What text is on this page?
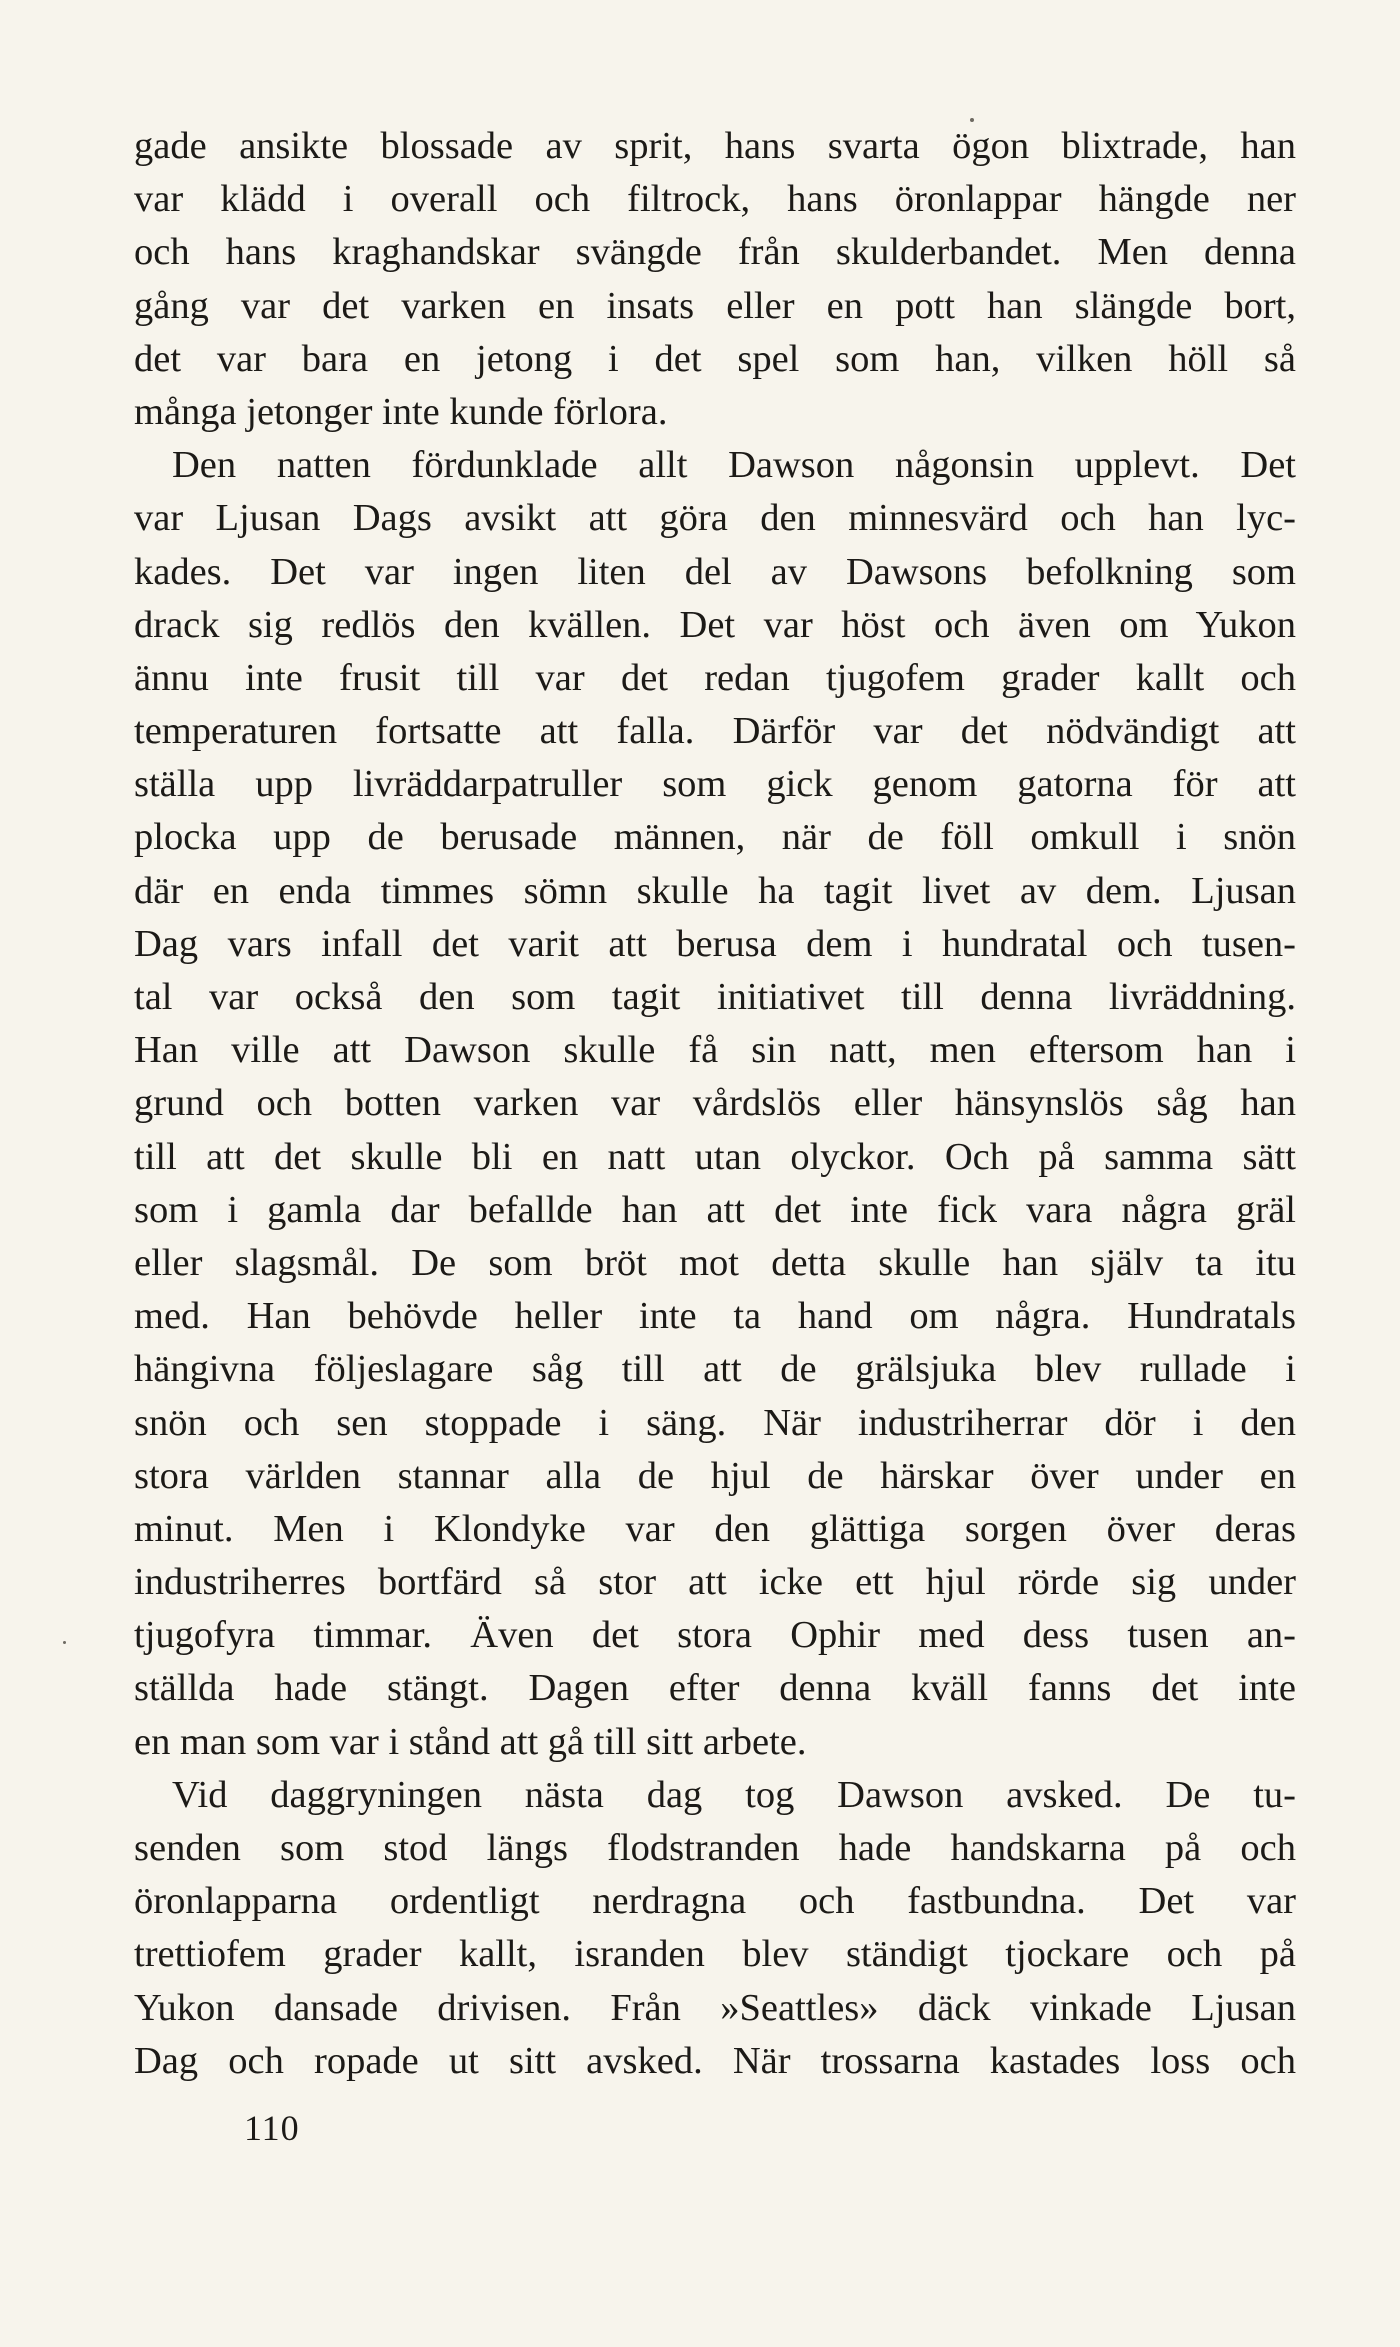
gade ansikte blossade av sprit, hans svarta ögon blixtrade, han
var klädd i overall och filtrock, hans öronlappar hängde ner
och hans kraghandskar svängde från skulderbandet. Men denna
gång var det varken en insats eller en pott han slängde bort,
det var bara en jetong i det spel som han, vilken höll så
många jetonger inte kunde förlora.
Den natten fördunklade allt Dawson någonsin upplevt. Det
var Ljusan Dags avsikt att göra den minnesvärd och han lyc-
kades. Det var ingen liten del av Dawsons befolkning som
drack sig redlös den kvällen. Det var höst och även om Yukon
ännu inte frusit till var det redan tjugofem grader kallt och
temperaturen fortsatte att falla. Därför var det nödvändigt att
ställa upp livräddarpatruller som gick genom gatorna för att
plocka upp de berusade männen, när de föll omkull i snön
där en enda timmes sömn skulle ha tagit livet av dem. Ljusan
Dag vars infall det varit att berusa dem i hundratal och tusen-
tal var också den som tagit initiativet till denna livräddning.
Han ville att Dawson skulle få sin natt, men eftersom han i
grund och botten varken var vårdslös eller hänsynslös såg han
till att det skulle bli en natt utan olyckor. Och på samma sätt
som i gamla dar befallde han att det inte fick vara några gräl
eller slagsmål. De som bröt mot detta skulle han själv ta itu
med. Han behövde heller inte ta hand om några. Hundratals
hängivna följeslagare såg till att de grälsjuka blev rullade i
snön och sen stoppade i säng. När industriherrar dör i den
stora världen stannar alla de hjul de härskar över under en
minut. Men i Klondyke var den glättiga sorgen över deras
industriherres bortfärd så stor att icke ett hjul rörde sig under
tjugofyra timmar. Även det stora Ophir med dess tusen an-
ställda hade stängt. Dagen efter denna kväll fanns det inte
en man som var i stånd att gå till sitt arbete.
Vid daggryningen nästa dag tog Dawson avsked. De tu-
senden som stod längs flodstranden hade handskarna på och
öronlapparna ordentligt nerdragna och fastbundna. Det var
trettiofem grader kallt, isranden blev ständigt tjockare och på
Yukon dansade drivisen. Från »Seattles» däck vinkade Ljusan
Dag och ropade ut sitt avsked. När trossarna kastades loss och
110
